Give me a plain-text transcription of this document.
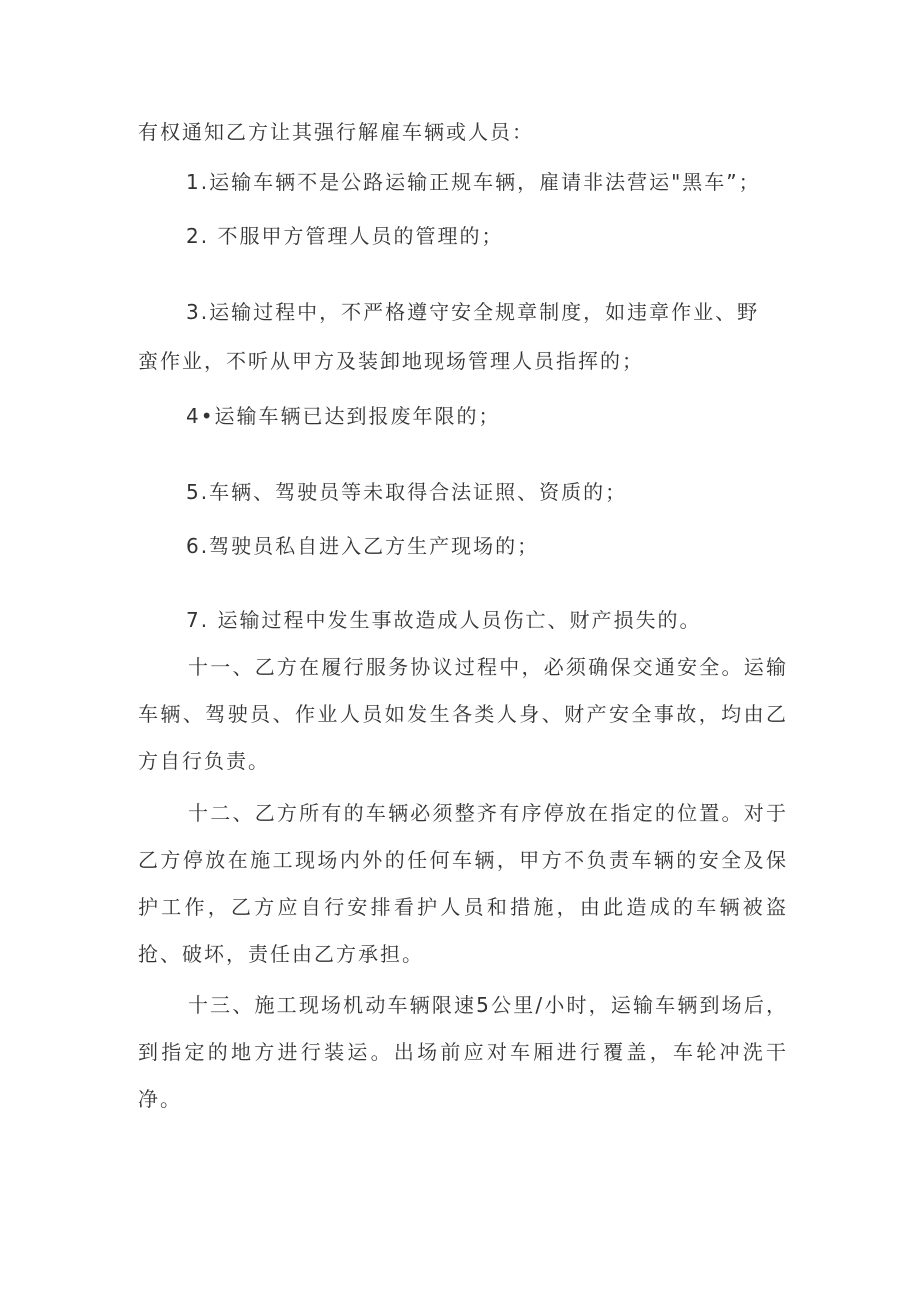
有权通知乙方让其强行解雇车辆或人员：
1.运输车辆不是公路运输正规车辆，雇请非法营运"黑车”；
2. 不服甲方管理人员的管理的；
3.运输过程中，不严格遵守安全规章制度，如违章作业、野
蛮作业，不听从甲方及装卸地现场管理人员指挥的；
4•运输车辆已达到报废年限的；
5.车辆、驾驶员等未取得合法证照、资质的；
6.驾驶员私自进入乙方生产现场的；
7. 运输过程中发生事故造成人员伤亡、财产损失的。
十一、乙方在履行服务协议过程中，必须确保交通安全。运输车辆、驾驶员、作业人员如发生各类人身、财产安全事故，均由乙方自行负责。
十二、乙方所有的车辆必须整齐有序停放在指定的位置。对于乙方停放在施工现场内外的任何车辆，甲方不负责车辆的安全及保护工作，乙方应自行安排看护人员和措施，由此造成的车辆被盗抢、破坏，责任由乙方承担。
十三、施工现场机动车辆限速5公里/小时，运输车辆到场后，到指定的地方进行装运。出场前应对车厢进行覆盖，车轮冲洗干净。
